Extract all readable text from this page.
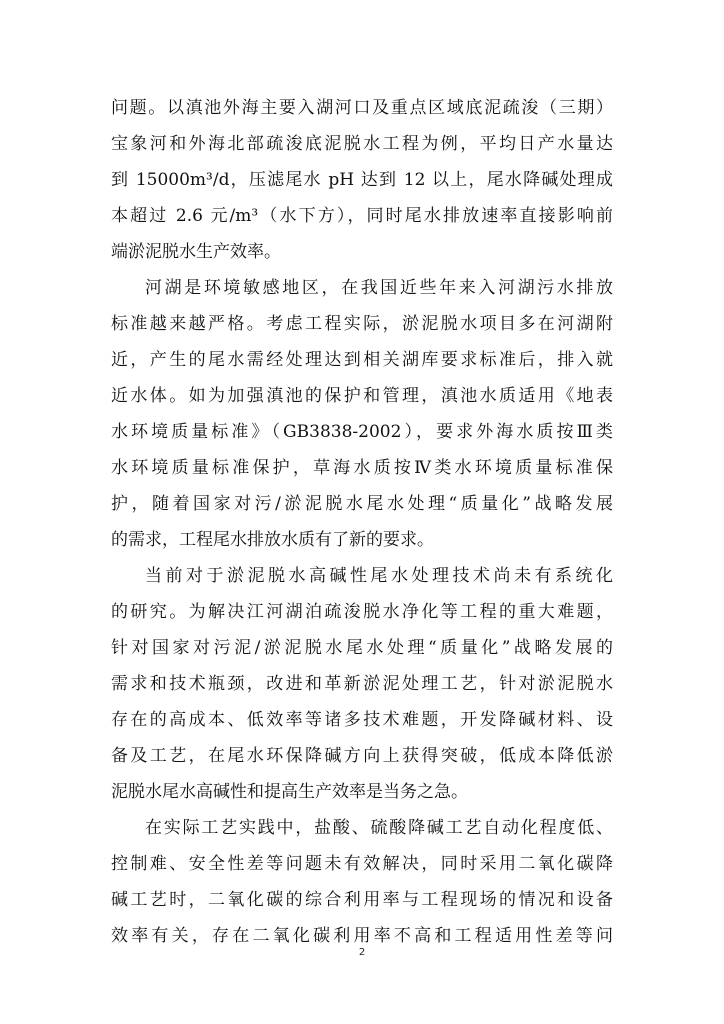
问题。以滇池外海主要入湖河口及重点区域底泥疏浚（三期）
宝象河和外海北部疏浚底泥脱水工程为例，平均日产水量达
到 15000m³/d，压滤尾水 pH 达到 12 以上，尾水降碱处理成
本超过 2.6 元/m³（水下方），同时尾水排放速率直接影响前
端淤泥脱水生产效率。
河湖是环境敏感地区，在我国近些年来入河湖污水排放
标准越来越严格。考虑工程实际，淤泥脱水项目多在河湖附
近，产生的尾水需经处理达到相关湖库要求标准后，排入就
近水体。如为加强滇池的保护和管理，滇池水质适用《地表
水环境质量标准》（GB3838-2002），要求外海水质按Ⅲ类
水环境质量标准保护，草海水质按Ⅳ类水环境质量标准保
护，随着国家对污/淤泥脱水尾水处理“质量化”战略发展
的需求，工程尾水排放水质有了新的要求。
当前对于淤泥脱水高碱性尾水处理技术尚未有系统化
的研究。为解决江河湖泊疏浚脱水净化等工程的重大难题，
针对国家对污泥/淤泥脱水尾水处理“质量化”战略发展的
需求和技术瓶颈，改进和革新淤泥处理工艺，针对淤泥脱水
存在的高成本、低效率等诸多技术难题，开发降碱材料、设
备及工艺，在尾水环保降碱方向上获得突破，低成本降低淤
泥脱水尾水高碱性和提高生产效率是当务之急。
在实际工艺实践中，盐酸、硫酸降碱工艺自动化程度低、
控制难、安全性差等问题未有效解决，同时采用二氧化碳降
碱工艺时，二氧化碳的综合利用率与工程现场的情况和设备
效率有关，存在二氧化碳利用率不高和工程适用性差等问
2
